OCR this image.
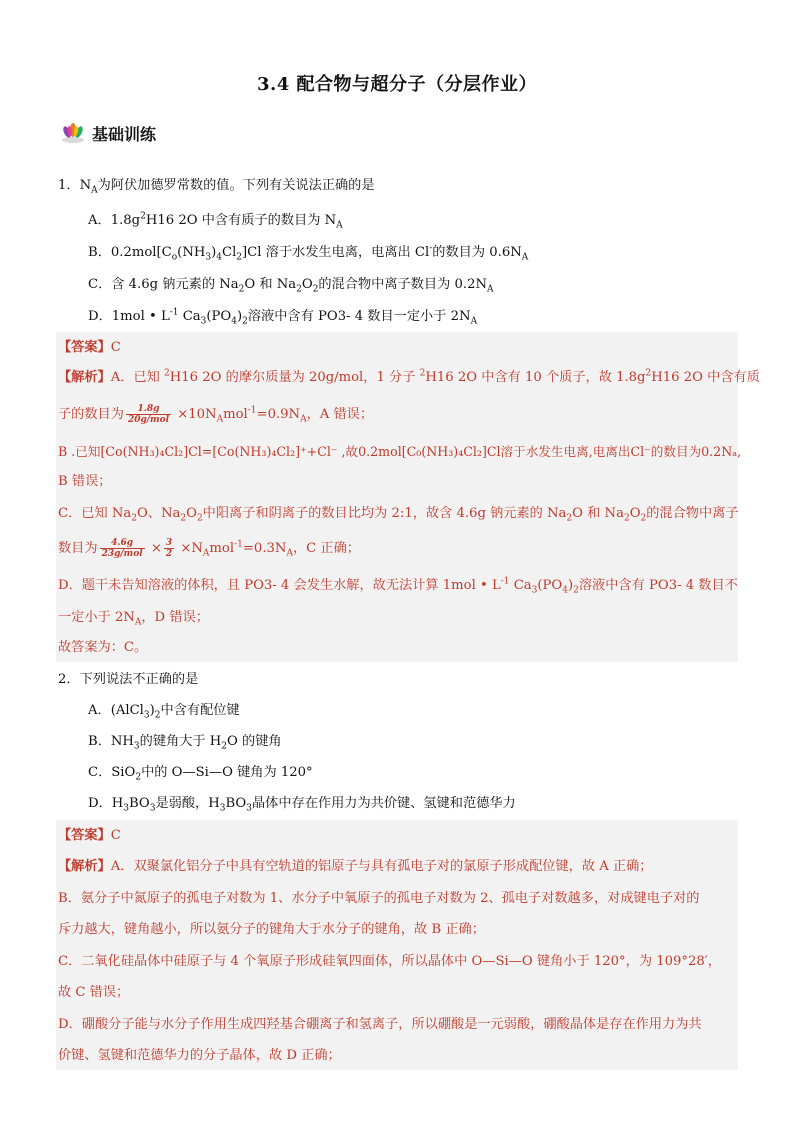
3.4 配合物与超分子（分层作业）
基础训练
1．$N_A$为阿伏加德罗常数的值。下列有关说法正确的是
A．$1.8g^2H16$ 2O 中含有质子的数目为 $N_A$
B．$0.2mol[C_o(NH_3)_4Cl_2]Cl$ 溶于水发生电离，电离出 Cl-的数目为 $0.6N_A$
C．含 4.6g 钠元素的 $Na_2O$ 和 $Na_2O_2$的混合物中离子数目为 $0.2N_A$
D．1mol • $L^{-1}$ $Ca_3(PO_4)_2$溶液中含有 PO3- 4 数目一定小于 $2N_A$
【答案】C
【解析】A．已知 $^2$H16 2O 的摩尔质量为 20g/mol，1 分子 $^2$H16 2O 中含有 10 个质子，故 $1.8g^2H16$ 2O 中含有质
子的数目为 $\frac{1.8g}{\text{20g/mol}} \times 10N_Amol^{-1}=0.9N_A$，A 错误；
B .已知[Co(NH₃)₄Cl₂]Cl=[Co(NH₃)₄Cl₂]⁺+Cl⁻ ,故0.2mol[C₀(NH₃)₄Cl₂]Cl溶于水发生电离,电离出Cl⁻的数目为0.2Nₐ,
B 错误；
C．已知 $Na_2O$、$Na_2O_2$中阳离子和阴离子的数目比均为 2:1，故含 4.6g 钠元素的 $Na_2O$ 和 $Na_2O_2$的混合物中离子
数目为 $\frac{4.6g}{\text{23g/mol}} \times \frac{3}{2} \times N_Amol^{-1}=0.3N_A$，C 正确；
D．题干未告知溶液的体积，且 PO3- 4 会发生水解，故无法计算 1mol • $L^{-1}$ $Ca_3(PO_4)_2$溶液中含有 PO3- 4 数目不
一定小于 $2N_A$，D 错误；
故答案为：C。
2．下列说法不正确的是
A．$(AlCl_3)_2$中含有配位键
B．$NH_3$的键角大于 $H_2O$ 的键角
C．SiO$_2$中的 O—Si—O 键角为 120°
D．$H_3BO_3$是弱酸，$H_3BO_3$晶体中存在作用力为共价键、氢键和范德华力
【答案】C
【解析】A．双聚氯化铝分子中具有空轨道的铝原子与具有孤电子对的氯原子形成配位键，故 A 正确；
B．氨分子中氮原子的孤电子对数为 1、水分子中氧原子的孤电子对数为 2、孤电子对数越多，对成键电子对的
斥力越大，键角越小，所以氨分子的键角大于水分子的键角，故 B 正确；
C．二氧化硅晶体中硅原子与 4 个氧原子形成硅氧四面体，所以晶体中 O—Si—O 键角小于 120°，为 109°28′，
故 C 错误；
D．硼酸分子能与水分子作用生成四羟基合硼离子和氢离子，所以硼酸是一元弱酸，硼酸晶体是存在作用力为共
价键、氢键和范德华力的分子晶体，故 D 正确；
